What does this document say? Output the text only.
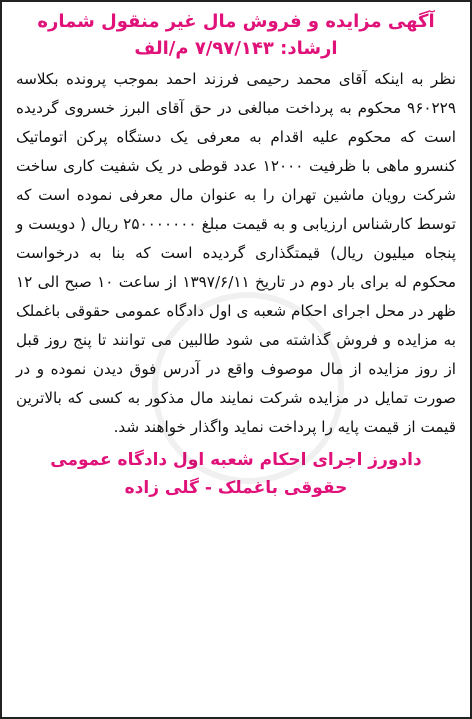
آگهی مزایده و فروش مال غیر منقول شماره
ارشاد: ۷/۹۷/۱۴۳ م/الف
نظر به اینکه آقای محمد رحیمی فرزند احمد بموجب پرونده بکلاسه ۹۶۰۲۲۹ محکوم به پرداخت مبالغی در حق آقای البرز خسروی گردیده است که محکوم علیه اقدام به معرفی یک دستگاه پرکن اتوماتیک کنسرو ماهی با ظرفیت ۱۲۰۰۰ عدد قوطی در یک شفیت کاری ساخت شرکت رویان ماشین تهران را به عنوان مال معرفی نموده است که توسط کارشناس ارزیابی و به قیمت مبلغ ۲۵۰۰۰۰۰۰۰ ریال ( دویست و پنجاه میلیون ریال) قیمتگذاری گردیده است که بنا به درخواست محکوم له برای بار دوم در تاریخ ۱۳۹۷/۶/۱۱ از ساعت ۱۰ صبح الی ۱۲ ظهر در محل اجرای احکام شعبه ی اول دادگاه عمومی حقوقی باغملک به مزایده و فروش گذاشته می شود طالبین می توانند تا پنج روز قبل از روز مزایده از مال موصوف واقع در آدرس فوق دیدن نموده و در صورت تمایل در مزایده شرکت نمایند مال مذکور به کسی که بالاترین قیمت از قیمت پایه را پرداخت نماید واگذار خواهند شد.
دادورز اجرای احکام شعبه اول دادگاه عمومی
حقوقی باغملک - گلی زاده
